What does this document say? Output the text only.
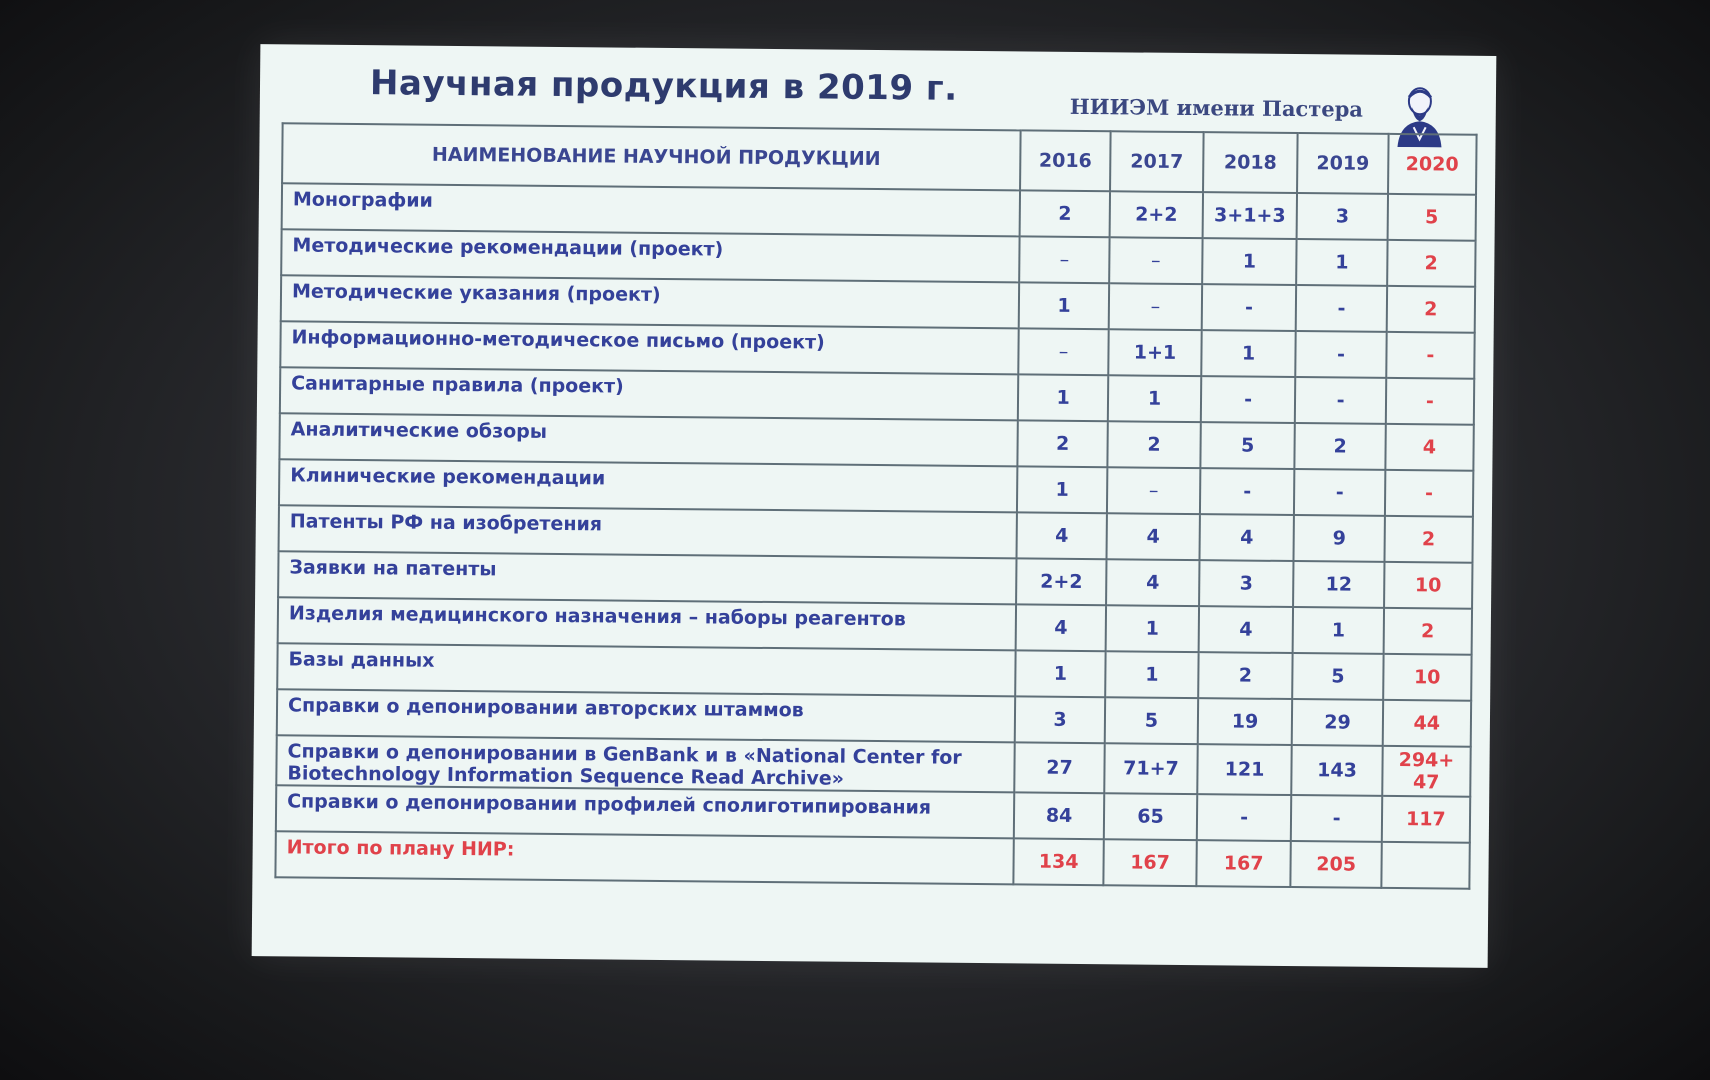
Научная продукция в 2019 г.	НИИЭМ имени Пастера
НАИМЕНОВАНИЕ НАУЧНОЙ ПРОДУКЦИИ	2016	2017	2018	2019	2020
Монографии	2	2+2	3+1+3	3	5
Методические рекомендации (проект)	–	–	1	1	2
Методические указания (проект)	1	–	-	-	2
Информационно-методическое письмо (проект)	–	1+1	1	-	-
Санитарные правила (проект)	1	1	-	-	-
Аналитические обзоры	2	2	5	2	4
Клинические рекомендации	1	–	-	-	-
Патенты РФ на изобретения	4	4	4	9	2
Заявки на патенты	2+2	4	3	12	10
Изделия медицинского назначения – наборы реагентов	4	1	4	1	2
Базы данных	1	1	2	5	10
Справки о депонировании авторских штаммов	3	5	19	29	44
Справки о депонировании в GenBank и в «National Center for Biotechnology Information Sequence Read Archive»	27	71+7	121	143	294+ 47
Справки о депонировании профилей сполиготипирования	84	65	-	-	117
Итого по плану НИР:	134	167	167	205	
